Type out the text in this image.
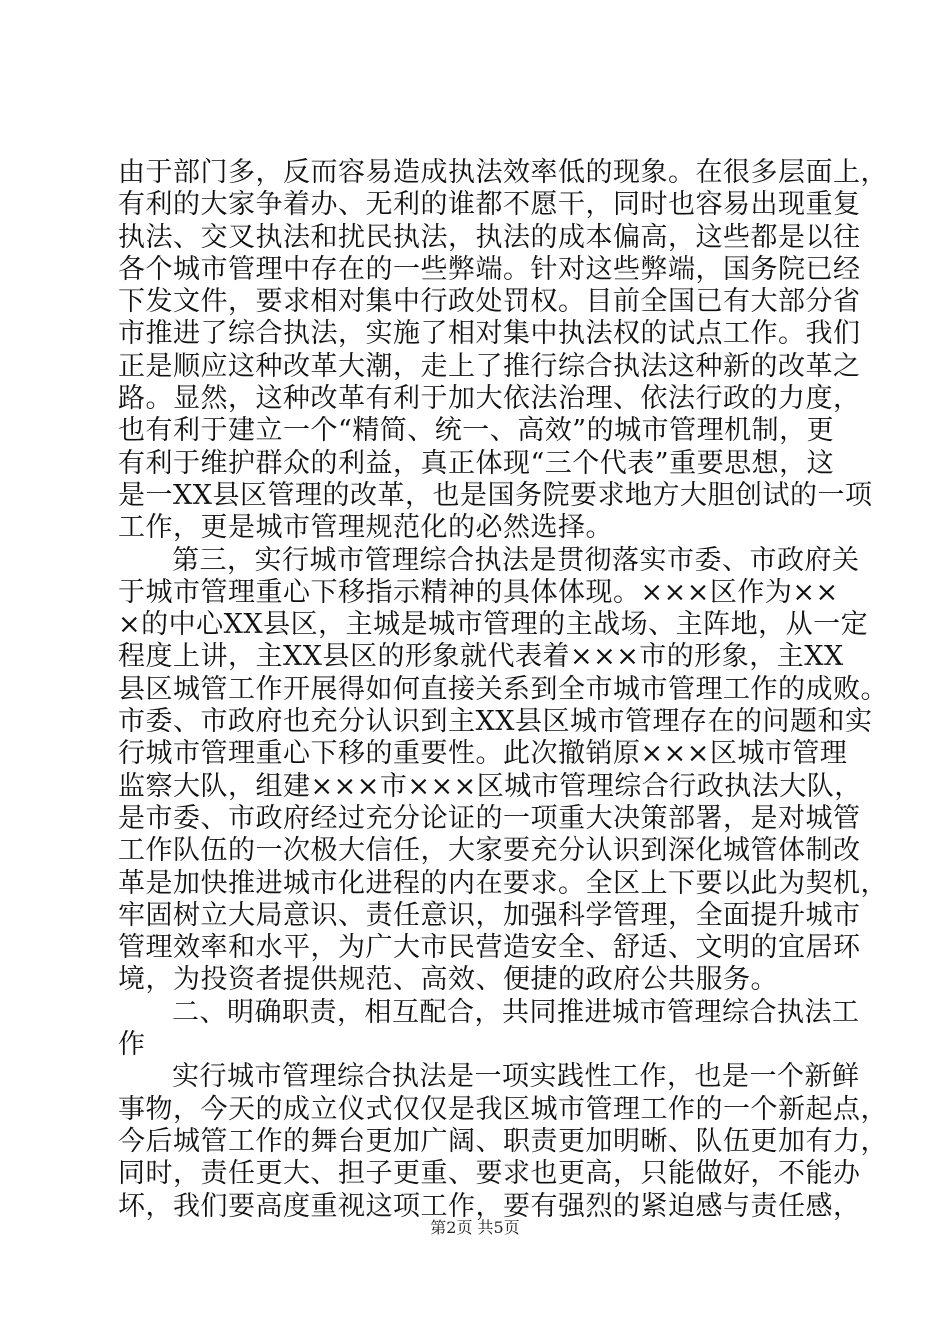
由于部门多，反而容易造成执法效率低的现象。在很多层面上，
有利的大家争着办、无利的谁都不愿干，同时也容易出现重复
执法、交叉执法和扰民执法，执法的成本偏高，这些都是以往
各个城市管理中存在的一些弊端。针对这些弊端，国务院已经
下发文件，要求相对集中行政处罚权。目前全国已有大部分省
市推进了综合执法，实施了相对集中执法权的试点工作。我们
正是顺应这种改革大潮，走上了推行综合执法这种新的改革之
路。显然，这种改革有利于加大依法治理、依法行政的力度，
也有利于建立一个“精简、统一、高效”的城市管理机制，更
有利于维护群众的利益，真正体现“三个代表”重要思想，这
是一XX县区管理的改革，也是国务院要求地方大胆创试的一项
工作，更是城市管理规范化的必然选择。
第三，实行城市管理综合执法是贯彻落实市委、市政府关
于城市管理重心下移指示精神的具体体现。×××区作为××
×的中心XX县区，主城是城市管理的主战场、主阵地，从一定
程度上讲，主XX县区的形象就代表着×××市的形象，主XX
县区城管工作开展得如何直接关系到全市城市管理工作的成败。
市委、市政府也充分认识到主XX县区城市管理存在的问题和实
行城市管理重心下移的重要性。此次撤销原×××区城市管理
监察大队，组建×××市×××区城市管理综合行政执法大队，
是市委、市政府经过充分论证的一项重大决策部署，是对城管
工作队伍的一次极大信任，大家要充分认识到深化城管体制改
革是加快推进城市化进程的内在要求。全区上下要以此为契机，
牢固树立大局意识、责任意识，加强科学管理，全面提升城市
管理效率和水平，为广大市民营造安全、舒适、文明的宜居环
境，为投资者提供规范、高效、便捷的政府公共服务。
二、明确职责，相互配合，共同推进城市管理综合执法工
作
实行城市管理综合执法是一项实践性工作，也是一个新鲜
事物，今天的成立仪式仅仅是我区城市管理工作的一个新起点，
今后城管工作的舞台更加广阔、职责更加明晰、队伍更加有力，
同时，责任更大、担子更重、要求也更高，只能做好，不能办
坏，我们要高度重视这项工作，要有强烈的紧迫感与责任感，
第2页 共5页
